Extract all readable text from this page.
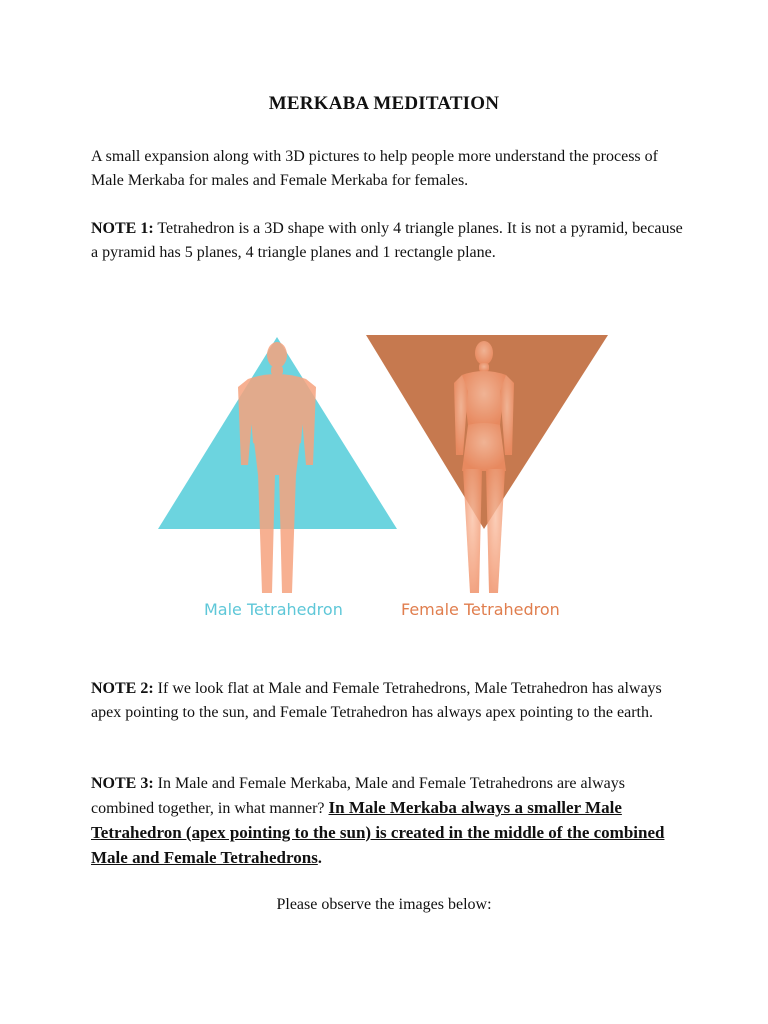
MERKABA MEDITATION

A small expansion along with 3D pictures to help people more understand the process of Male Merkaba for males and Female Merkaba for females.

NOTE 1: Tetrahedron is a 3D shape with only 4 triangle planes. It is not a pyramid, because a pyramid has 5 planes, 4 triangle planes and 1 rectangle plane.

Male Tetrahedron	Female Tetrahedron

NOTE 2: If we look flat at Male and Female Tetrahedrons, Male Tetrahedron has always apex pointing to the sun, and Female Tetrahedron has always apex pointing to the earth.

NOTE 3: In Male and Female Merkaba, Male and Female Tetrahedrons are always combined together, in what manner? In Male Merkaba always a smaller Male Tetrahedron (apex pointing to the sun) is created in the middle of the combined Male and Female Tetrahedrons.

Please observe the images below:
